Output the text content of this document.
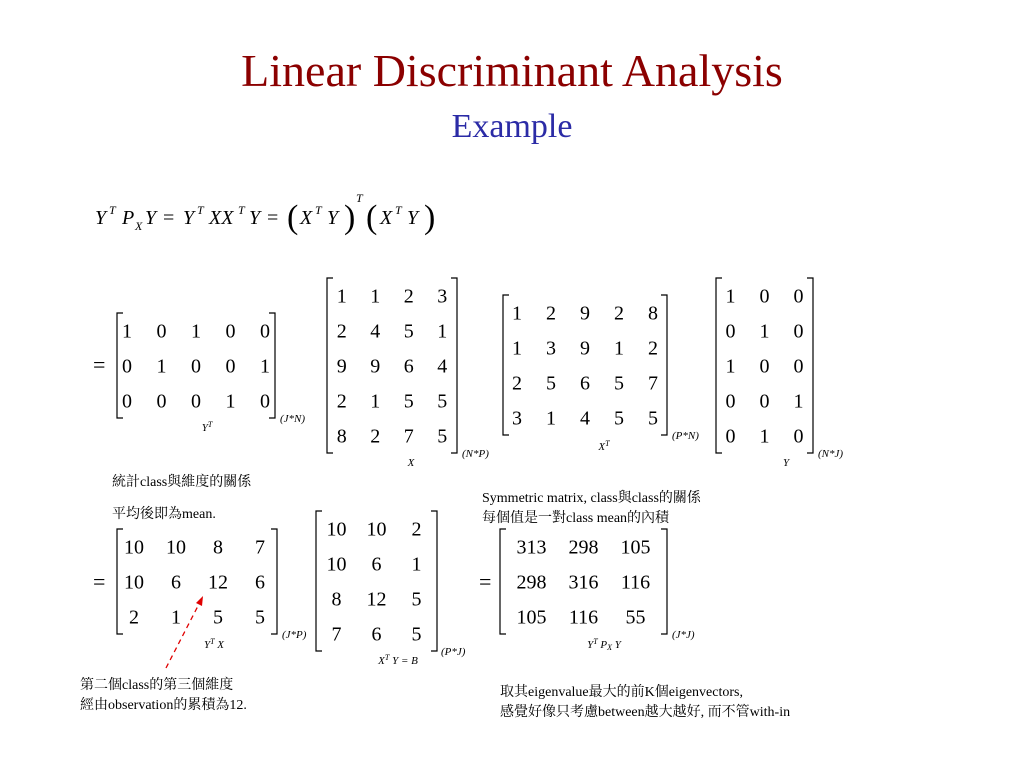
Linear Discriminant Analysis
Example
Y T P X Y = Y T XX T Y = ( X T Y )
T
( X T Y )
=
=	=
1 0 1 0 0
0 1 0 0 1
0 0 0 1 0
(J*N)
YT
1 1 2 3
2 4 5 1
9 9 6 4
2 1 5 5
8 2 7 5
(N*P)
X
1 2 9 2 8
1 3 9 1 2
2 5 6 5 7
3 1 4 5 5
(P*N)
XT
1 0 0
0 1 0
1 0 0
0 0 1
0 1 0
(N*J)
Y
10 10 8 7
10 6 12 6
2 1 5 5
(J*P)
YT X
10 10 2
10 6 1
8 12 5
7 6 5
(P*J)
XT Y = B
313 298 105
298 316 116
105 116 55
(J*J)
YT PX Y
統計class與維度的關係
平均後即為mean.
Symmetric matrix, class與class的關係
每個值是一對class mean的內積
第二個class的第三個維度
經由observation的累積為12.
取其eigenvalue最大的前K個eigenvectors,
感覺好像只考慮between越大越好, 而不管with-in
